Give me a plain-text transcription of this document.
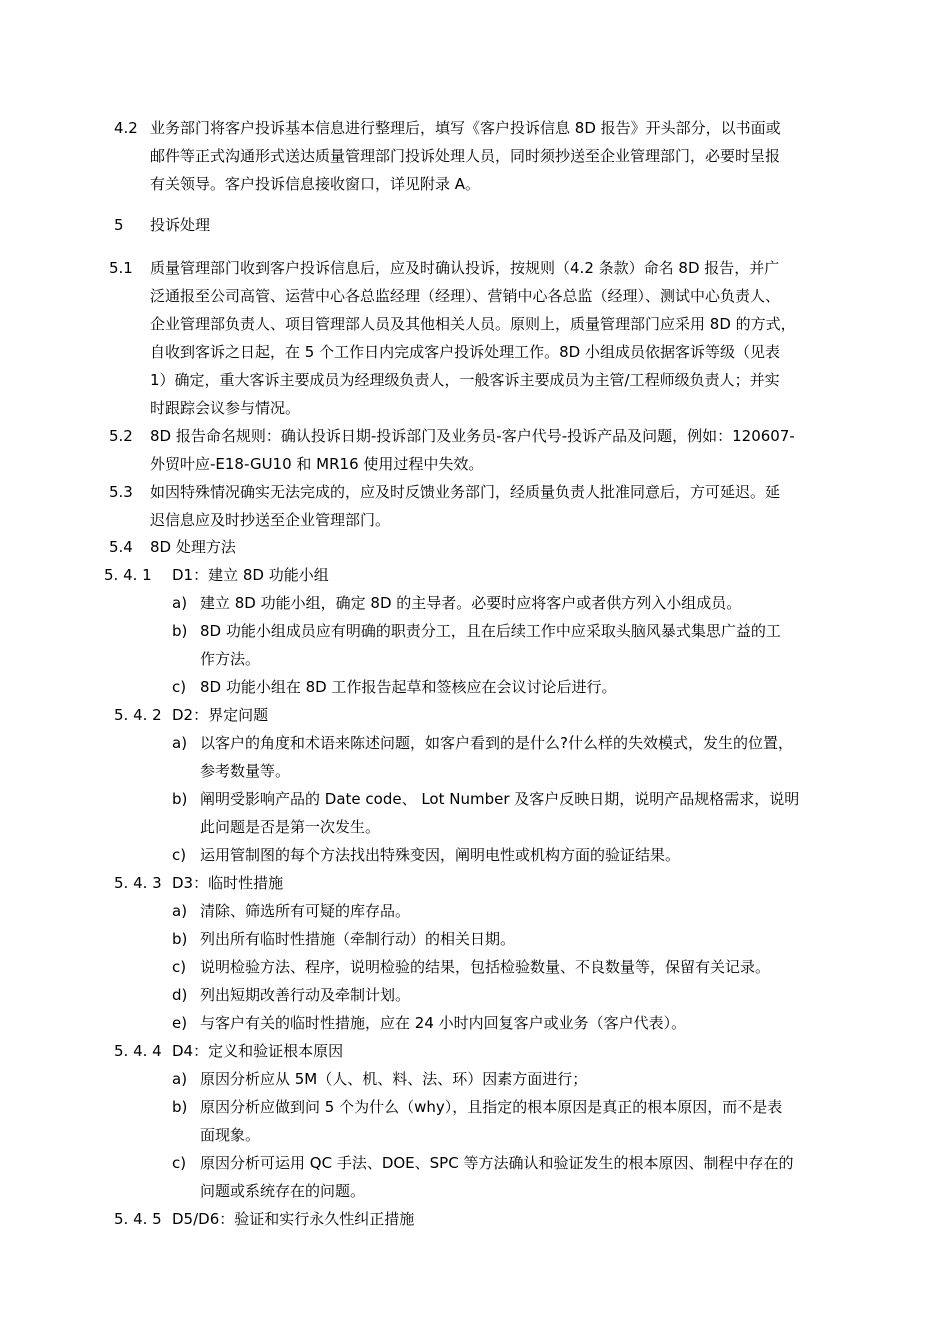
4.2 业务部门将客户投诉基本信息进行整理后，填写《客户投诉信息 8D 报告》开头部分，以书面或
邮件等正式沟通形式送达质量管理部门投诉处理人员，同时须抄送至企业管理部门，必要时呈报
有关领导。客户投诉信息接收窗口，详见附录 A。
5 投诉处理
5.1 质量管理部门收到客户投诉信息后，应及时确认投诉，按规则（4.2 条款）命名 8D 报告，并广
泛通报至公司高管、运营中心各总监经理（经理）、营销中心各总监（经理）、测试中心负责人、
企业管理部负责人、项目管理部人员及其他相关人员。原则上，质量管理部门应采用 8D 的方式，
自收到客诉之日起，在 5 个工作日内完成客户投诉处理工作。8D 小组成员依据客诉等级（见表
1）确定，重大客诉主要成员为经理级负责人，一般客诉主要成员为主管/工程师级负责人；并实
时跟踪会议参与情况。
5.2 8D 报告命名规则：确认投诉日期-投诉部门及业务员-客户代号-投诉产品及问题，例如：120607-
外贸叶应-E18-GU10 和 MR16 使用过程中失效。
5.3 如因特殊情况确实无法完成的，应及时反馈业务部门，经质量负责人批准同意后，方可延迟。延
迟信息应及时抄送至企业管理部门。
5.4 8D 处理方法
5. 4. 1 D1：建立 8D 功能小组
a) 建立 8D 功能小组，确定 8D 的主导者。必要时应将客户或者供方列入小组成员。
b) 8D 功能小组成员应有明确的职责分工，且在后续工作中应采取头脑风暴式集思广益的工
作方法。
c) 8D 功能小组在 8D 工作报告起草和签核应在会议讨论后进行。
5. 4. 2 D2：界定问题
a) 以客户的角度和术语来陈述问题，如客户看到的是什么?什么样的失效模式，发生的位置，
参考数量等。
b) 阐明受影响产品的 Date code、 Lot Number 及客户反映日期，说明产品规格需求，说明
此问题是否是第一次发生。
c) 运用管制图的每个方法找出特殊变因，阐明电性或机构方面的验证结果。
5. 4. 3 D3：临时性措施
a) 清除、筛选所有可疑的库存品。
b) 列出所有临时性措施（牵制行动）的相关日期。
c) 说明检验方法、程序，说明检验的结果，包括检验数量、不良数量等，保留有关记录。
d) 列出短期改善行动及牵制计划。
e) 与客户有关的临时性措施，应在 24 小时内回复客户或业务（客户代表）。
5. 4. 4 D4：定义和验证根本原因
a) 原因分析应从 5M（人、机、料、法、环）因素方面进行；
b) 原因分析应做到问 5 个为什么（why），且指定的根本原因是真正的根本原因，而不是表
面现象。
c) 原因分析可运用 QC 手法、DOE、SPC 等方法确认和验证发生的根本原因、制程中存在的
问题或系统存在的问题。
5. 4. 5 D5/D6：验证和实行永久性纠正措施
